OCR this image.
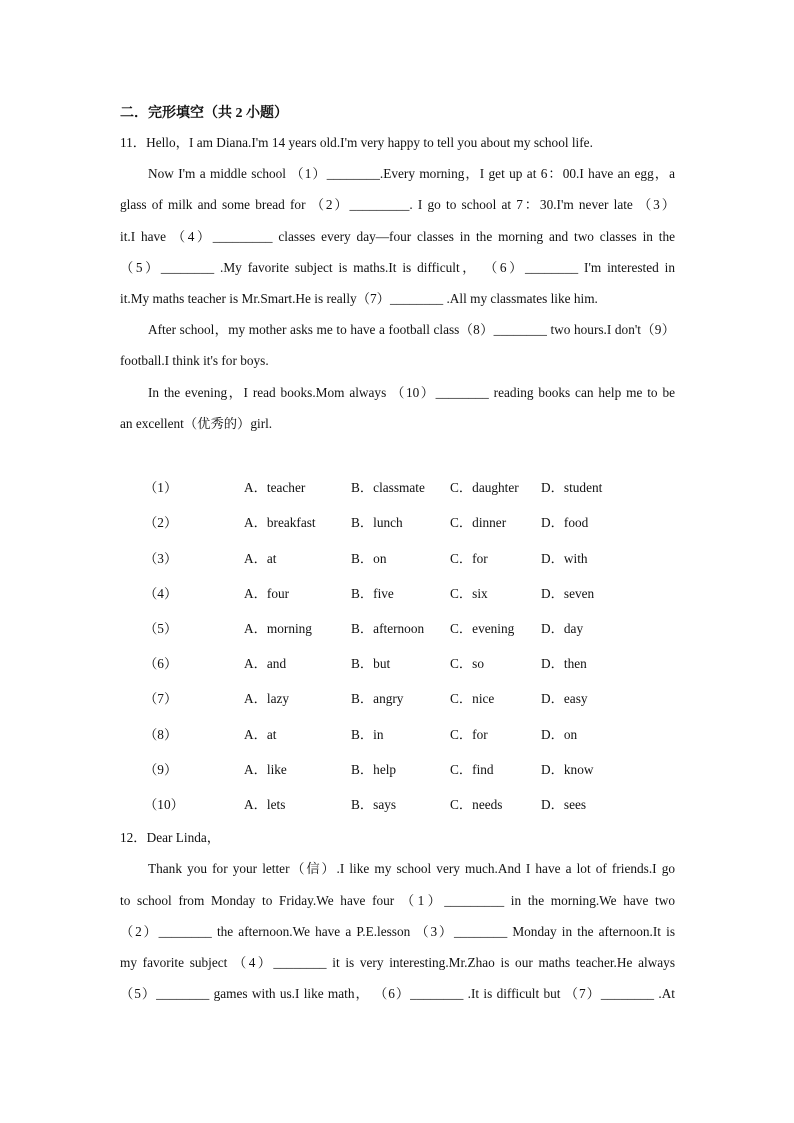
二．完形填空（共 2 小题）
11．Hello，I am Diana.I'm 14 years old.I'm very happy to tell you about my school life.
Now I'm a middle school （1）________.Every morning，I get up at 6：00.I have an egg，a
glass of milk and some bread for （2）_________. I go to school at 7：30.I'm never late （3）
it.I have （4）_________ classes every day—four classes in the morning and two classes in the
（5）________ .My favorite subject is maths.It is difficult， （6）________ I'm interested in
it.My maths teacher is Mr.Smart.He is really（7）________ .All my classmates like him.
After school，my mother asks me to have a football class（8）________ two hours.I don't（9）
football.I think it's for boys.
In the evening，I read books.Mom always （10）________ reading books can help me to be
an excellent（优秀的）girl.
（1）	A．teacher	B．classmate C．daughter D．student
（2）	A．breakfast	B．lunch	C．dinner	D．food
（3）	A．at	B．on	C．for	D．with
（4）	A．four	B．five	C．six	D．seven
（5）	A．morning	B．afternoon C．evening D．day
（6）	A．and	B．but	C．so	D．then
（7）	A．lazy	B．angry	C．nice	D．easy
（8）	A．at	B．in	C．for	D．on
（9）	A．like	B．help	C．find	D．know
（10）	A．lets	B．says	C．needs	D．sees
12．Dear Linda，
Thank you for your letter（信）.I like my school very much.And I have a lot of friends.I go
to school from Monday to Friday.We have four （1）_________ in the morning.We have two
（2）________ the afternoon.We have a P.E.lesson （3）________ Monday in the afternoon.It is
my favorite subject （4）________ it is very interesting.Mr.Zhao is our maths teacher.He always
（5）________ games with us.I like math， （6）________ .It is difficult but （7）________ .At
